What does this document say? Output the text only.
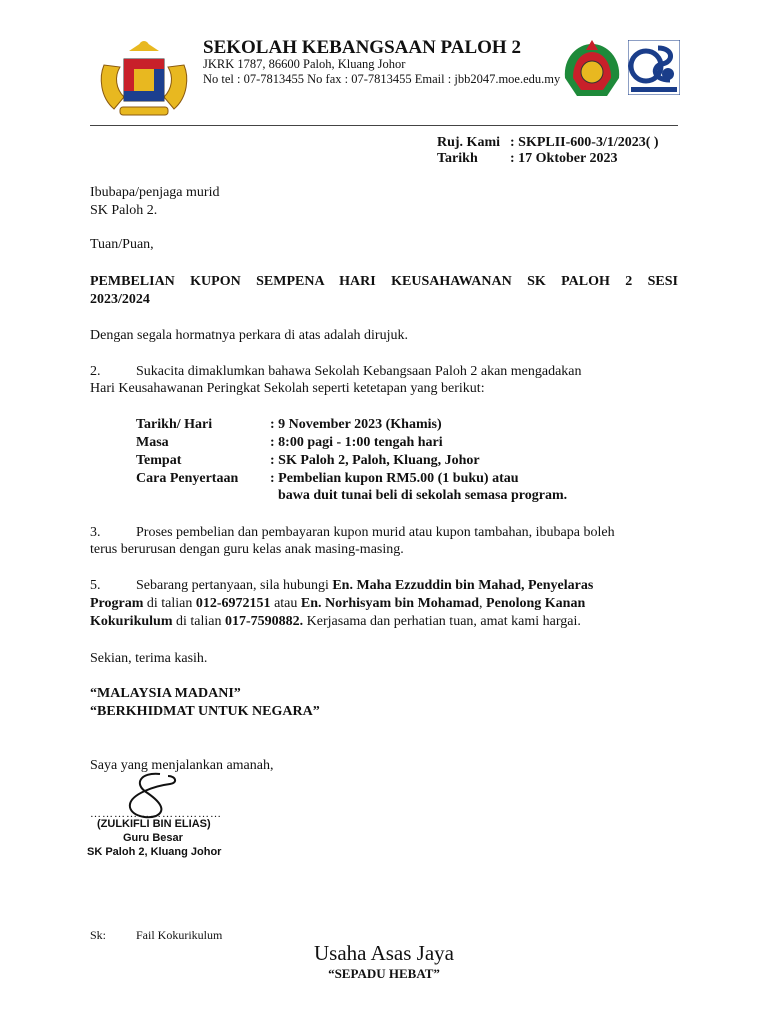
SEKOLAH KEBANGSAAN PALOH 2
JKRK 1787, 86600 Paloh, Kluang Johor
No tel : 07-7813455 No fax : 07-7813455 Email : jbb2047.moe.edu.my
Ruj. Kami : SKPLII-600-3/1/2023( )
Tarikh : 17 Oktober 2023
Ibubapa/penjaga murid
SK Paloh 2.
Tuan/Puan,
PEMBELIAN KUPON SEMPENA HARI KEUSAHAWANAN SK PALOH 2 SESI
2023/2024
Dengan segala hormatnya perkara di atas adalah dirujuk.
2.	Sukacita dimaklumkan bahawa Sekolah Kebangsaan Paloh 2 akan mengadakan
Hari Keusahawanan Peringkat Sekolah seperti ketetapan yang berikut:
Tarikh/ Hari	: 9 November 2023 (Khamis)
Masa	: 8:00 pagi - 1:00 tengah hari
Tempat	: SK Paloh 2, Paloh, Kluang, Johor
Cara Penyertaan : Pembelian kupon RM5.00 (1 buku) atau
bawa duit tunai beli di sekolah semasa program.
3.	Proses pembelian dan pembayaran kupon murid atau kupon tambahan, ibubapa boleh
terus berurusan dengan guru kelas anak masing-masing.
5.	Sebarang pertanyaan, sila hubungi En. Maha Ezzuddin bin Mahad, Penyelaras
Program di talian 012-6972151 atau En. Norhisyam bin Mohamad, Penolong Kanan
Kokurikulum di talian 017-7590882. Kerjasama dan perhatian tuan, amat kami hargai.
Sekian, terima kasih.
“MALAYSIA MADANI”
“BERKHIDMAT UNTUK NEGARA”
Saya yang menjalankan amanah,
……………………………
(ZULKIFLI BIN ELIAS)
Guru Besar
SK Paloh 2, Kluang Johor
Sk: Fail Kokurikulum
Usaha Asas Jaya
“SEPADU HEBAT”
